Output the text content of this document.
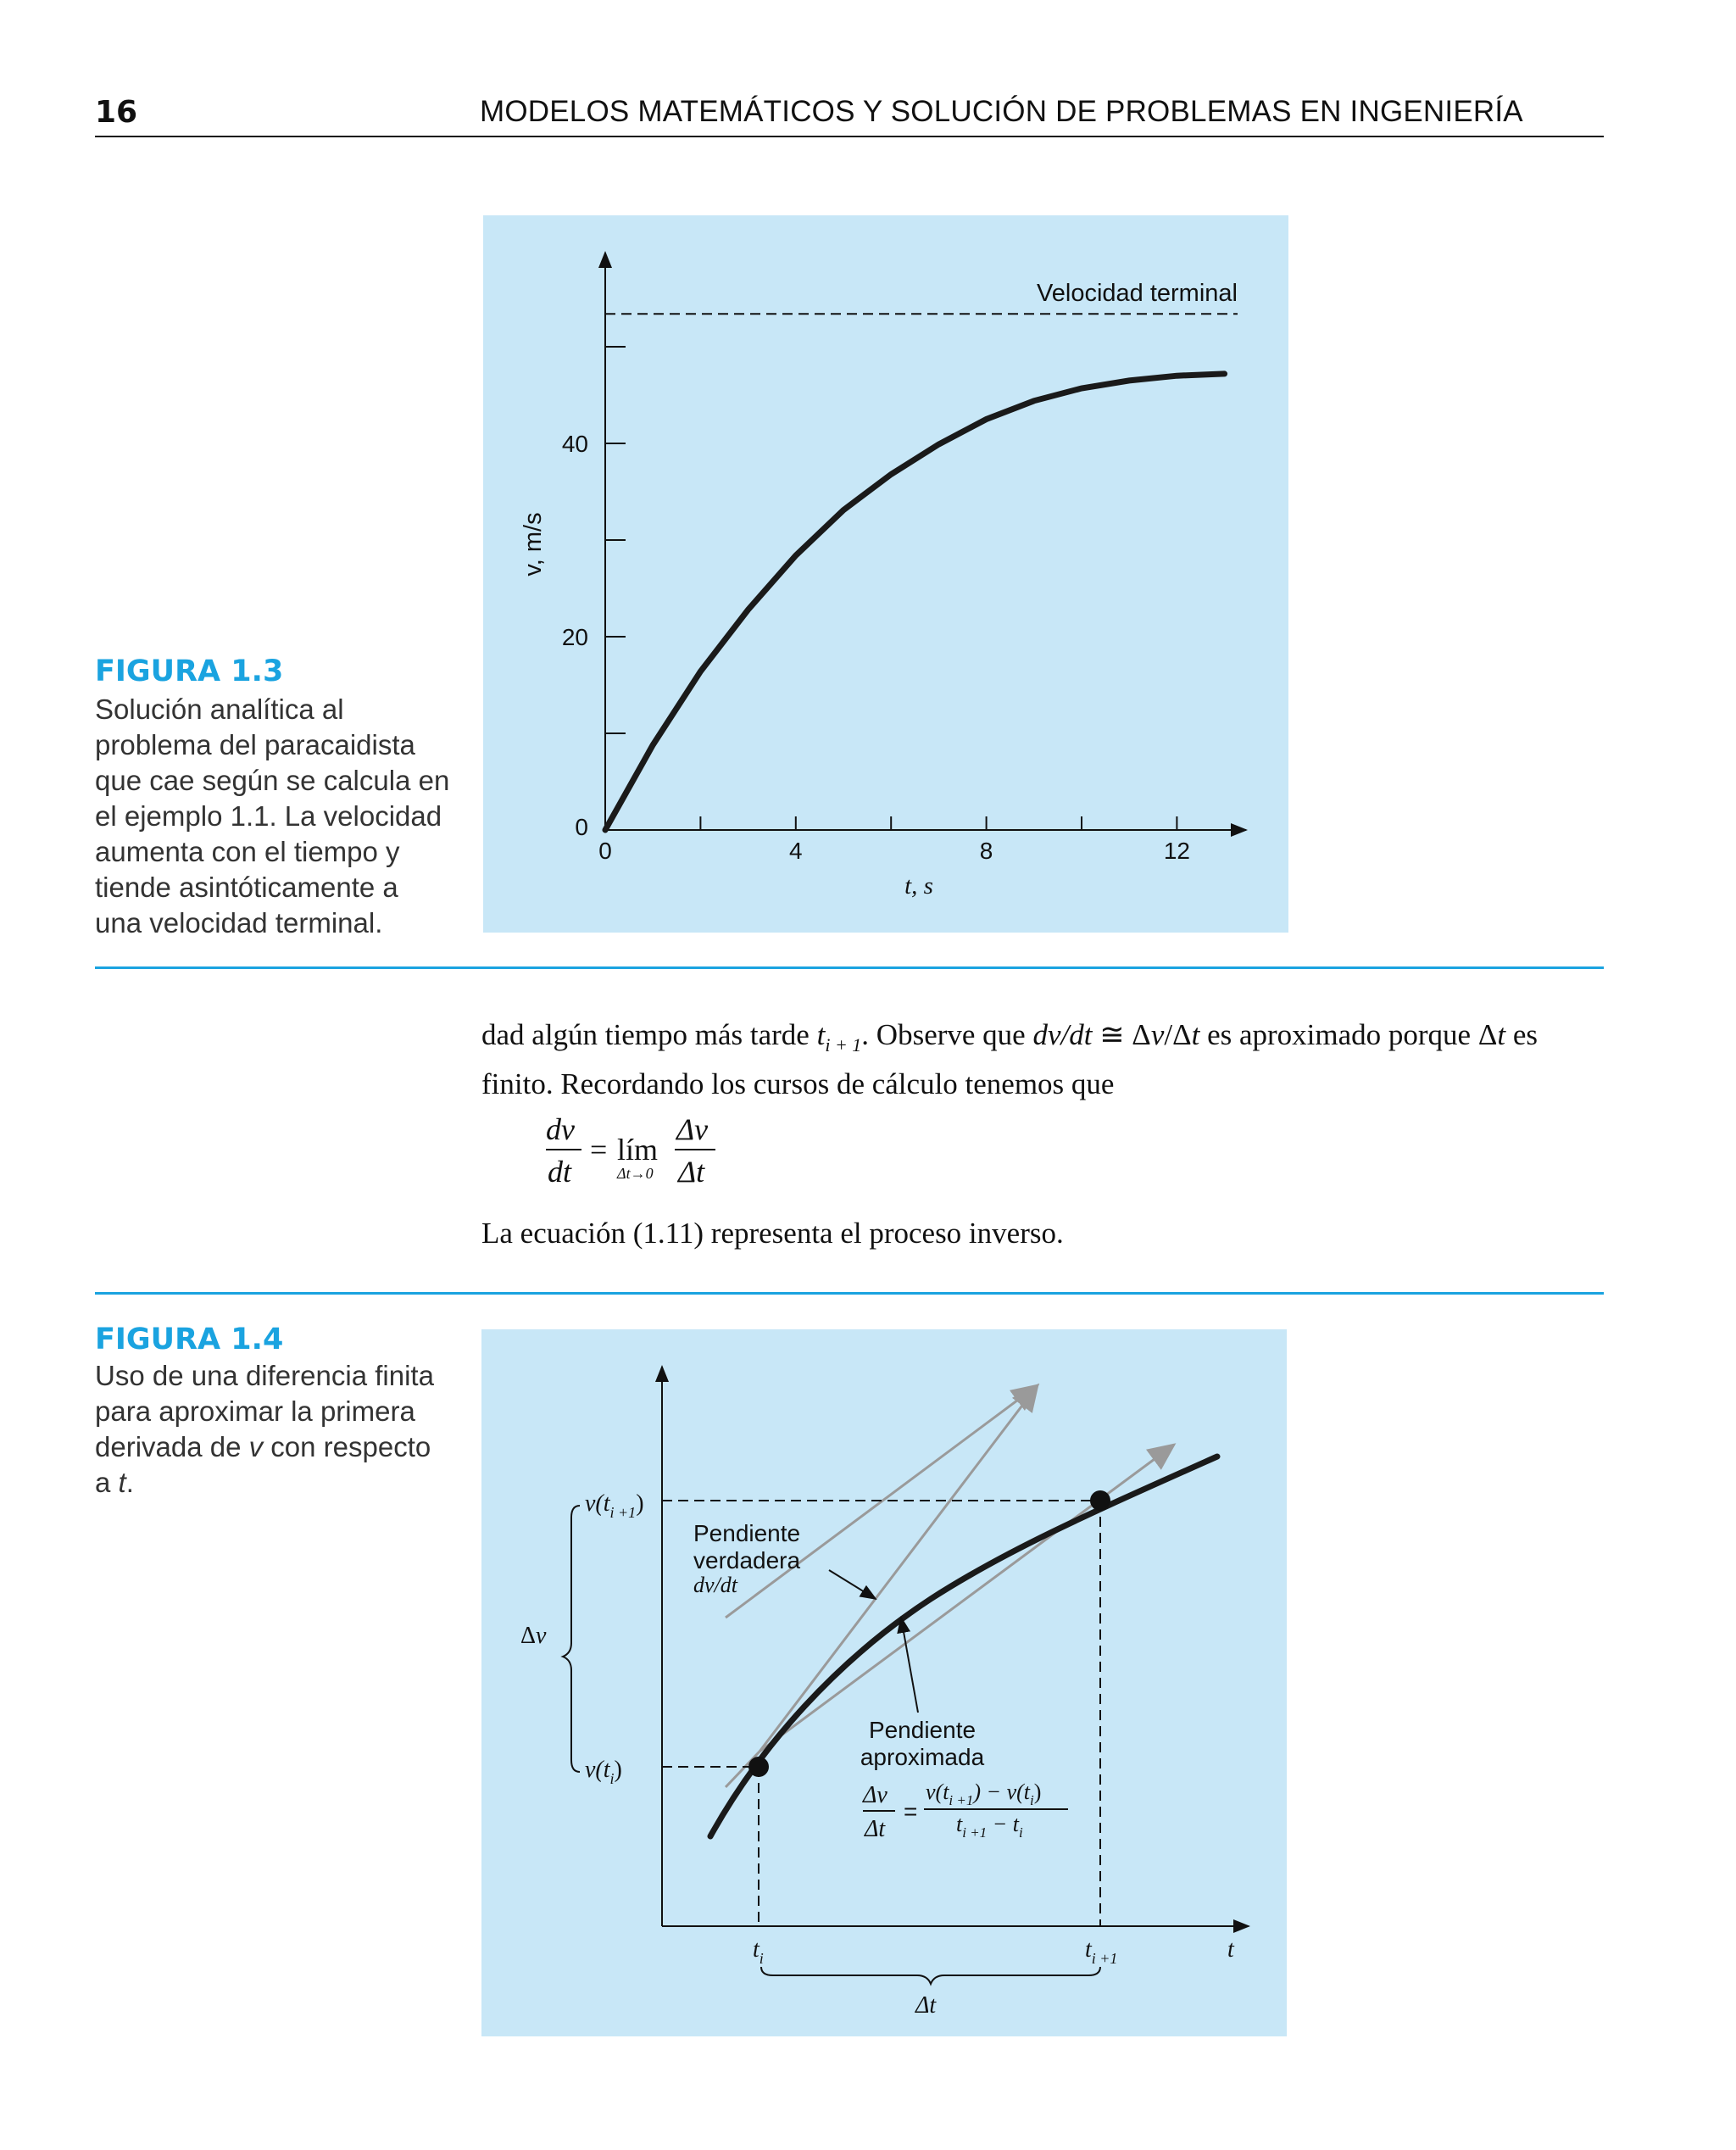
16	MODELOS MATEMÁTICOS Y SOLUCIÓN DE PROBLEMAS EN INGENIERÍA
0	4	8	12
0
20
40
Velocidad terminal
t, s
v, m/s
FIGURA 1.3
Solución analítica al problema del paracaidista que cae según se calcula en el ejemplo 1.1. La velocidad aumenta con el tiempo y tiende asintóticamente a una velocidad terminal.
dad algún tiempo más tarde $t_{i + 1}$. Observe que dv/dt ≅ Δv/Δt es aproximado porque Δt es finito. Recordando los cursos de cálculo tenemos que
dv
dt
= lím
Δt→0
Δv
Δt
La ecuación (1.11) representa el proceso inverso.
FIGURA 1.4
Uso de una diferencia finita para aproximar la primera derivada de v con respecto a t.
Δv
$v(t_{i +1})$
$v(t_i)$
Pendiente
verdadera
dv/dt
Pendiente
aproximada
Δv
Δt
=
$v(t_{i +1}) - v(t_i)$
$t_{i +1} - t_i$
$t_i$	$t_{i +1}$	t
Δt
